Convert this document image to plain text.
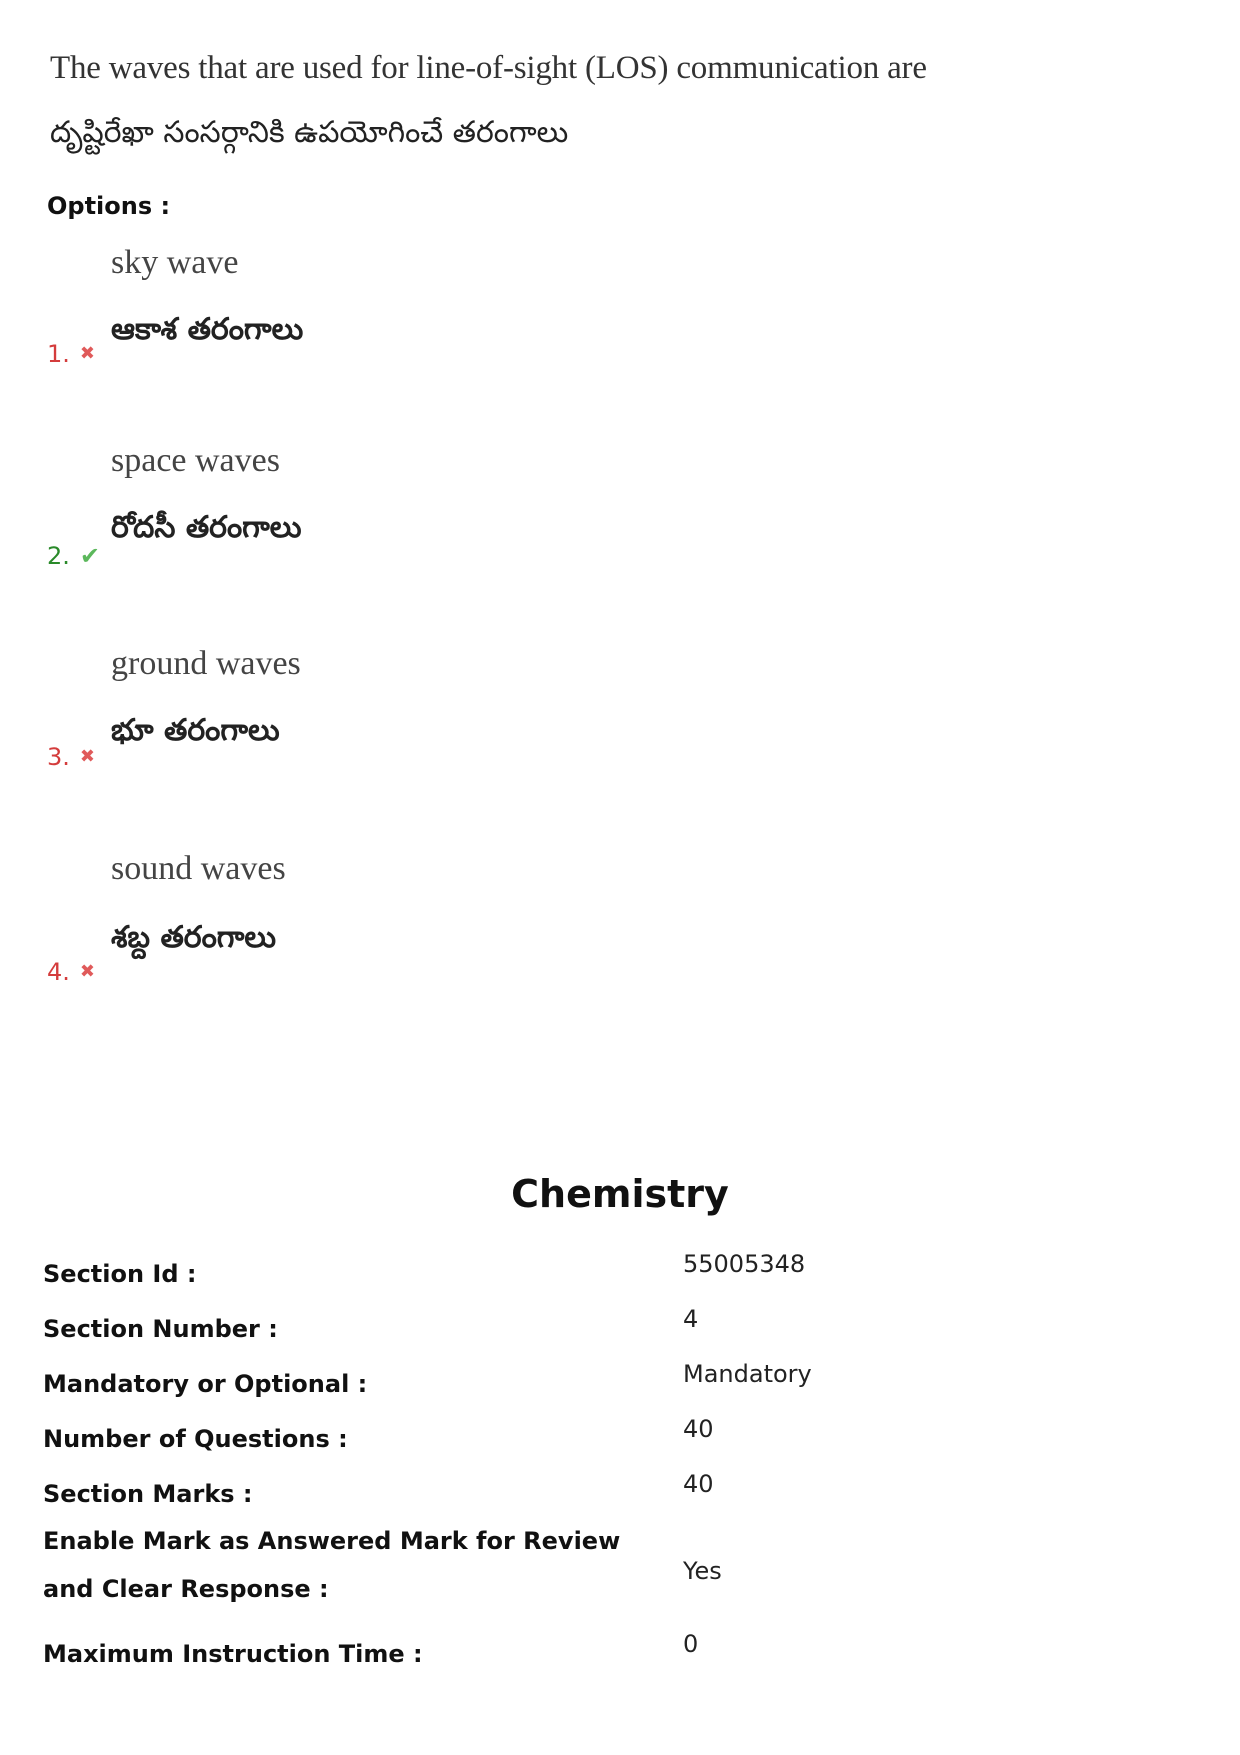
The waves that are used for line-of-sight (LOS) communication are

దృష్టిరేఖా సంసర్గానికి ఉపయోగించే తరంగాలు
Options :
sky wave
ఆకాశ తరంగాలు
1. ✖
space waves
రోదసీ తరంగాలు
2. ✔
ground waves
భూ తరంగాలు
3. ✖
sound waves
శబ్ద తరంగాలు
4. ✖
Chemistry
Section Id :	55005348
Section Number :	4
Mandatory or Optional :	Mandatory
Number of Questions :	40
Section Marks :	40
Enable Mark as Answered Mark for Review and Clear Response :
Yes
Maximum Instruction Time :	0
